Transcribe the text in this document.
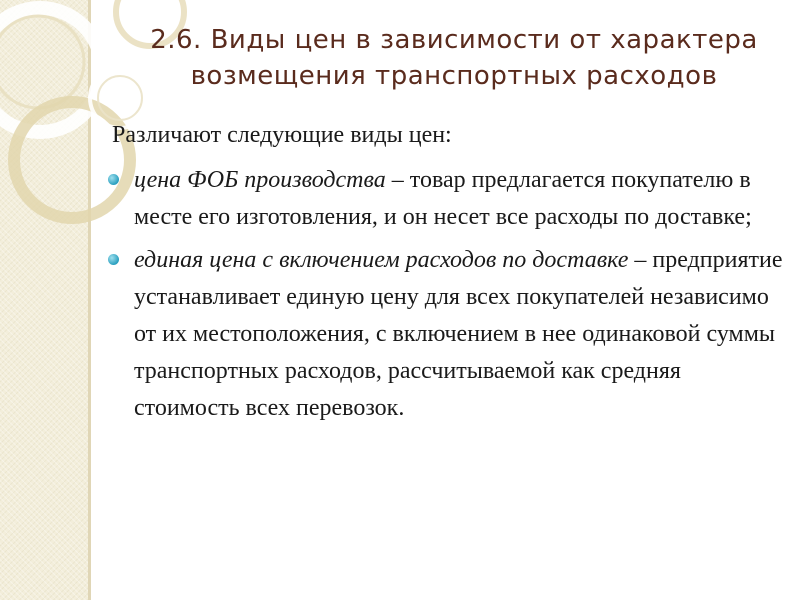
2.6. Виды цен в зависимости от характера возмещения транспортных расходов

Различают следующие виды цен:

цена ФОБ производства – товар предлагается покупателю в месте его изготовления, и он несет все расходы по доставке;

единая цена с включением расходов по доставке – предприятие устанавливает единую цену для всех покупателей независимо от их местоположения, с включением в нее одинаковой суммы транспортных расходов, рассчитываемой как средняя стоимость всех перевозок.
